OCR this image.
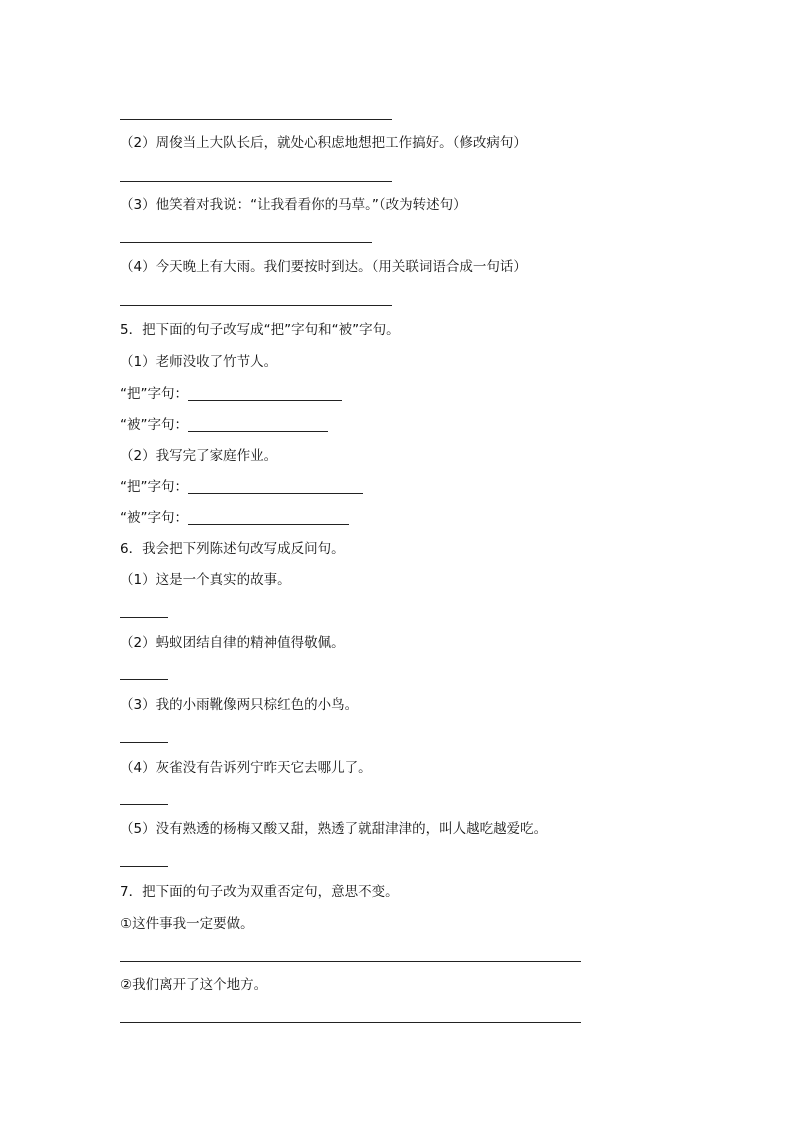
（2）周俊当上大队长后，就处心积虑地想把工作搞好。（修改病句）
（3）他笑着对我说：“让我看看你的马草。”（改为转述句）
（4）今天晚上有大雨。我们要按时到达。（用关联词语合成一句话）
5．把下面的句子改写成“把”字句和“被”字句。
（1）老师没收了竹节人。
“把”字句：
“被”字句：
（2）我写完了家庭作业。
“把”字句：
“被”字句：
6．我会把下列陈述句改写成反问句。
（1）这是一个真实的故事。
（2）蚂蚁团结自律的精神值得敬佩。
（3）我的小雨靴像两只棕红色的小鸟。
（4）灰雀没有告诉列宁昨天它去哪儿了。
（5）没有熟透的杨梅又酸又甜，熟透了就甜津津的，叫人越吃越爱吃。
7．把下面的句子改为双重否定句，意思不变。
①这件事我一定要做。
②我们离开了这个地方。
